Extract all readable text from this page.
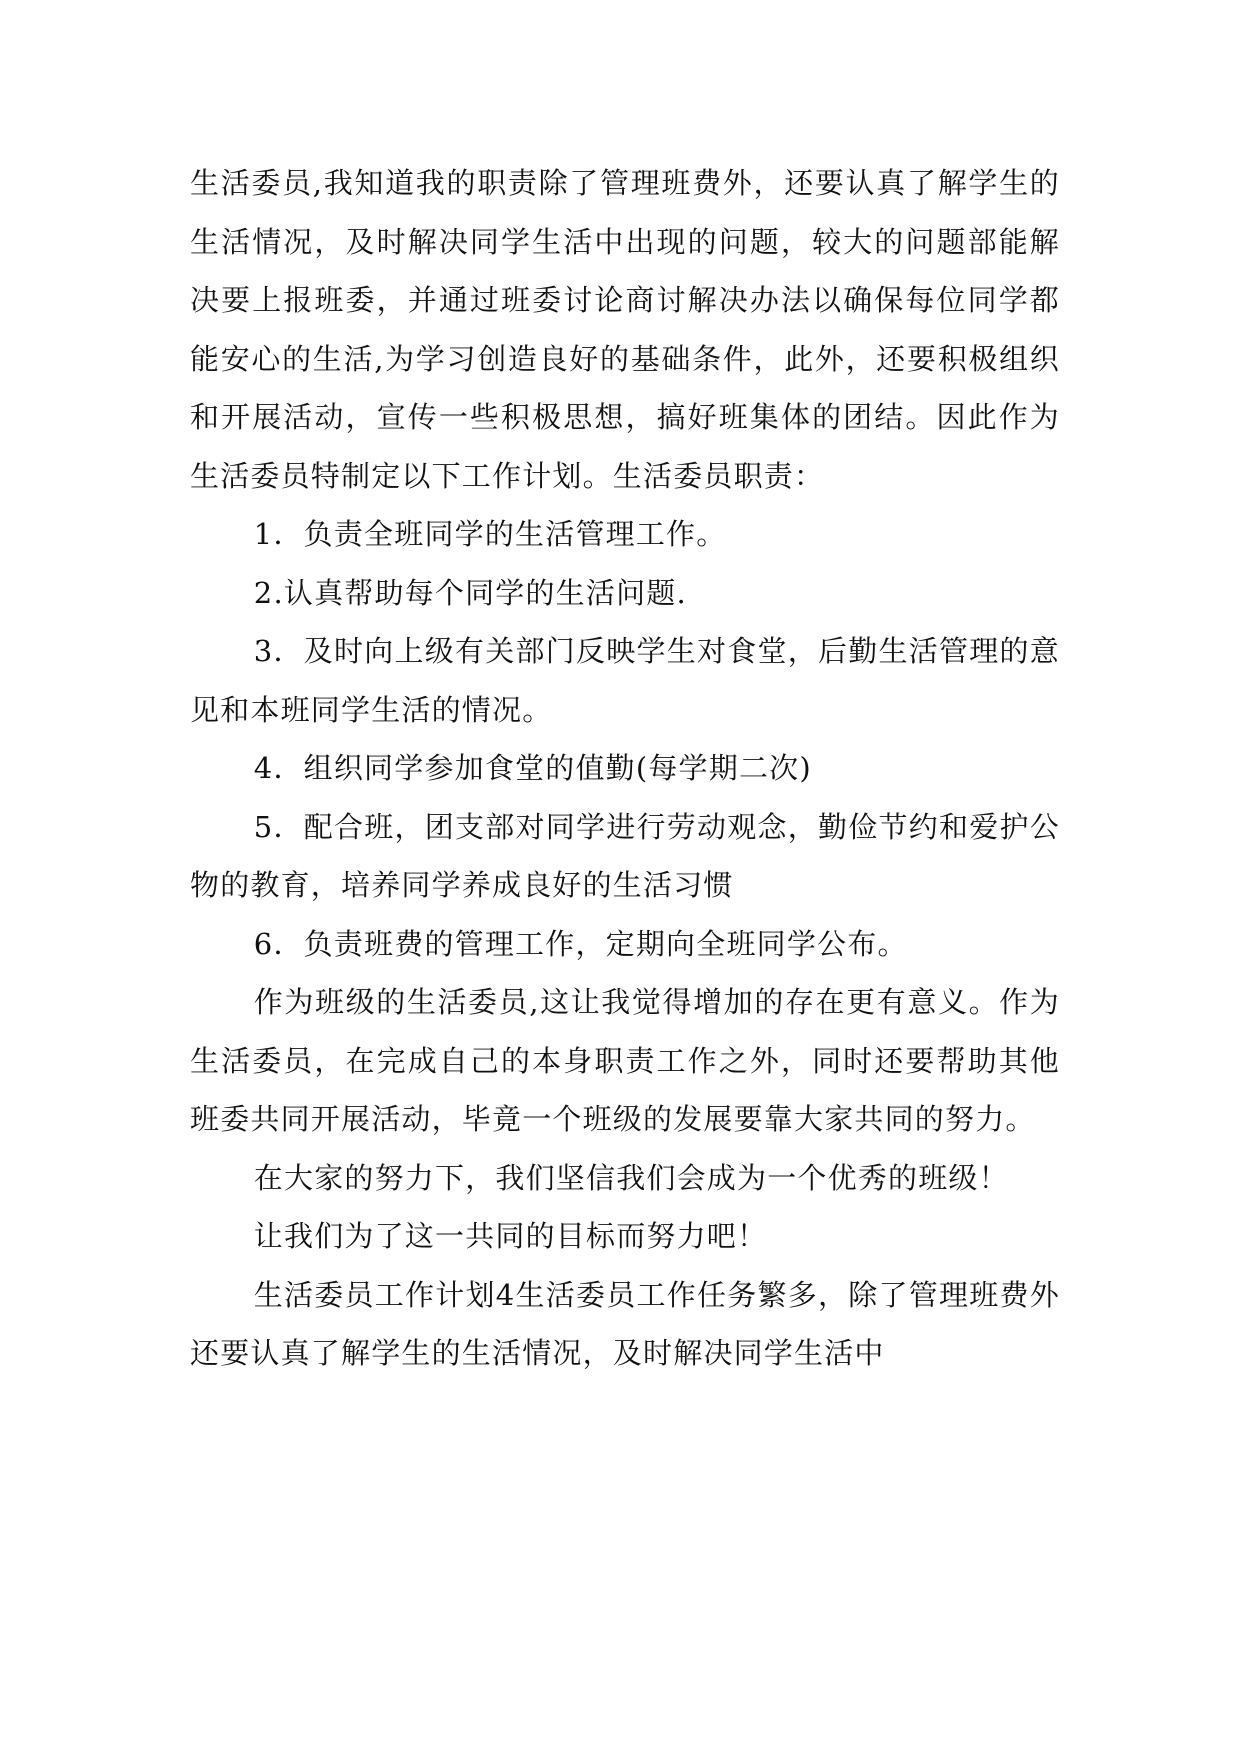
生活委员,我知道我的职责除了管理班费外，还要认真了解学生的生活情况，及时解决同学生活中出现的问题，较大的问题部能解决要上报班委，并通过班委讨论商讨解决办法以确保每位同学都能安心的生活,为学习创造良好的基础条件，此外，还要积极组织和开展活动，宣传一些积极思想，搞好班集体的团结。因此作为生活委员特制定以下工作计划。生活委员职责：

1．负责全班同学的生活管理工作。

2.认真帮助每个同学的生活问题.

3．及时向上级有关部门反映学生对食堂，后勤生活管理的意见和本班同学生活的情况。

4．组织同学参加食堂的值勤(每学期二次)

5．配合班，团支部对同学进行劳动观念，勤俭节约和爱护公物的教育，培养同学养成良好的生活习惯

6．负责班费的管理工作，定期向全班同学公布。

作为班级的生活委员,这让我觉得增加的存在更有意义。作为生活委员，在完成自己的本身职责工作之外，同时还要帮助其他班委共同开展活动，毕竟一个班级的发展要靠大家共同的努力。

在大家的努力下，我们坚信我们会成为一个优秀的班级！

让我们为了这一共同的目标而努力吧！

生活委员工作计划4生活委员工作任务繁多，除了管理班费外还要认真了解学生的生活情况，及时解决同学生活中
